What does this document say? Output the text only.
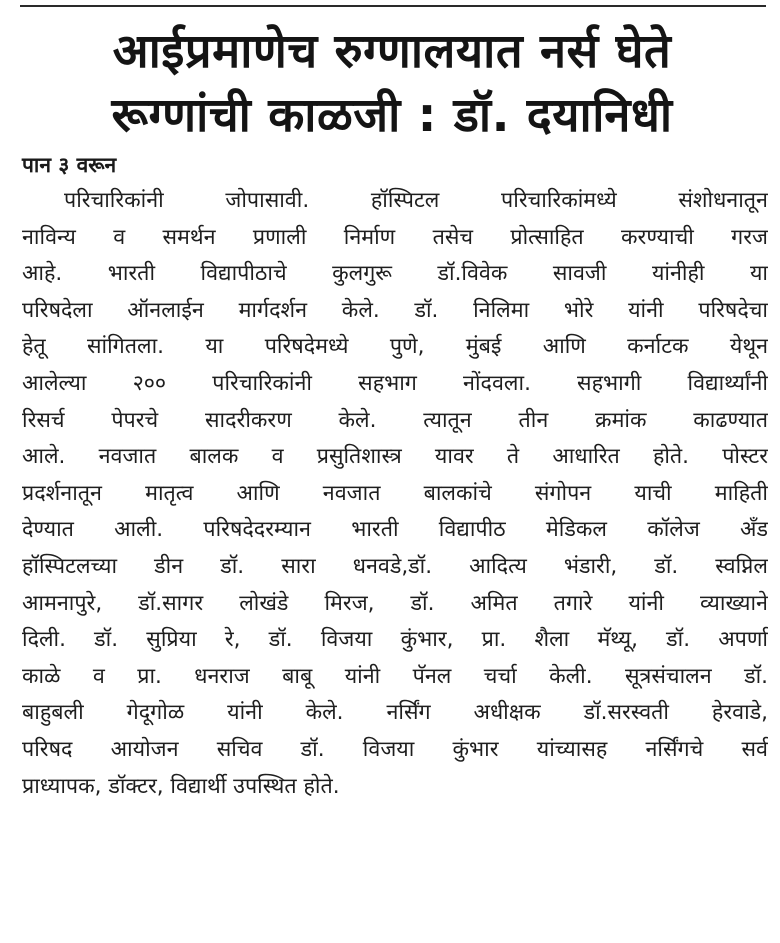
आईप्रमाणेच रुग्णालयात नर्स घेते
रूग्णांची काळजी : डॉ. दयानिधी
पान ३ वरून

परिचारिकांनी जोपासावी. हॉस्पिटल परिचारिकांमध्ये संशोधनातून
नाविन्य व समर्थन प्रणाली निर्माण तसेच प्रोत्साहित करण्याची गरज
आहे. भारती विद्यापीठाचे कुलगुरू डॉ.विवेक सावजी यांनीही या
परिषदेला ऑनलाईन मार्गदर्शन केले. डॉ. निलिमा भोरे यांनी परिषदेचा
हेतू सांगितला. या परिषदेमध्ये पुणे, मुंबई आणि कर्नाटक येथून
आलेल्या २०० परिचारिकांनी सहभाग नोंदवला. सहभागी विद्यार्थ्यांनी
रिसर्च पेपरचे सादरीकरण केले. त्यातून तीन क्रमांक काढण्यात
आले. नवजात बालक व प्रसुतिशास्त्र यावर ते आधारित होते. पोस्टर
प्रदर्शनातून मातृत्व आणि नवजात बालकांचे संगोपन याची माहिती
देण्यात आली. परिषदेदरम्यान भारती विद्यापीठ मेडिकल कॉलेज अँड
हॉस्पिटलच्या डीन डॉ. सारा धनवडे,डॉ. आदित्य भंडारी, डॉ. स्वप्निल
आमनापुरे, डॉ.सागर लोखंडे मिरज, डॉ. अमित तगारे यांनी व्याख्याने
दिली. डॉ. सुप्रिया रे, डॉ. विजया कुंभार, प्रा. शैला मॅथ्यू, डॉ. अपर्णा
काळे व प्रा. धनराज बाबू यांनी पॅनल चर्चा केली. सूत्रसंचालन डॉ.
बाहुबली गेदूगोळ यांनी केले. नर्सिंग अधीक्षक डॉ.सरस्वती हेरवाडे,
परिषद आयोजन सचिव डॉ. विजया कुंभार यांच्यासह नर्सिंगचे सर्व
प्राध्यापक, डॉक्टर, विद्यार्थी उपस्थित होते.
